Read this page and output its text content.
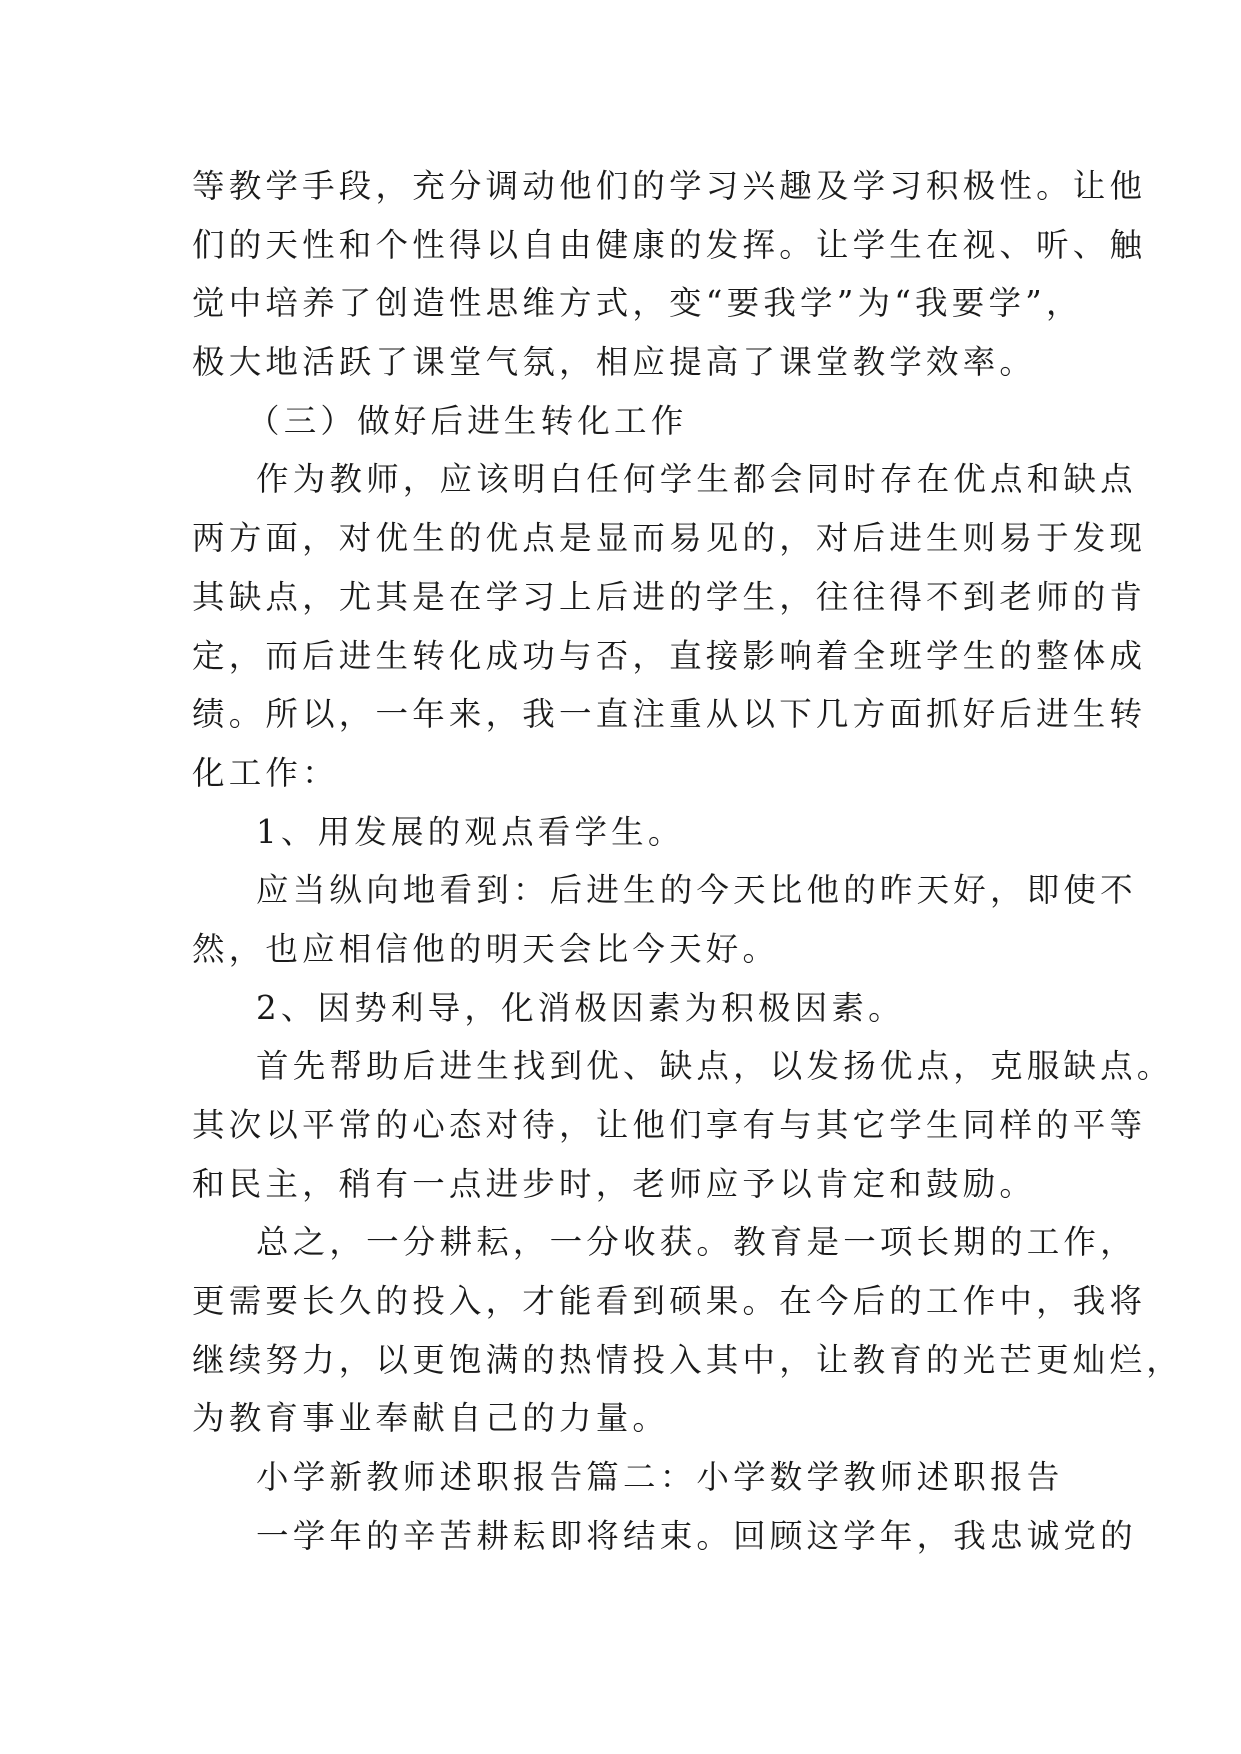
等教学手段，充分调动他们的学习兴趣及学习积极性。让他
们的天性和个性得以自由健康的发挥。让学生在视、听、触
觉中培养了创造性思维方式，变“要我学”为“我要学”，
极大地活跃了课堂气氛，相应提高了课堂教学效率。
（三）做好后进生转化工作
作为教师，应该明白任何学生都会同时存在优点和缺点
两方面，对优生的优点是显而易见的，对后进生则易于发现
其缺点，尤其是在学习上后进的学生，往往得不到老师的肯
定，而后进生转化成功与否，直接影响着全班学生的整体成
绩。所以，一年来，我一直注重从以下几方面抓好后进生转
化工作：
1、用发展的观点看学生。
应当纵向地看到：后进生的今天比他的昨天好，即使不
然，也应相信他的明天会比今天好。
2、因势利导，化消极因素为积极因素。
首先帮助后进生找到优、缺点，以发扬优点，克服缺点。
其次以平常的心态对待，让他们享有与其它学生同样的平等
和民主，稍有一点进步时，老师应予以肯定和鼓励。
总之，一分耕耘，一分收获。教育是一项长期的工作，
更需要长久的投入，才能看到硕果。在今后的工作中，我将
继续努力，以更饱满的热情投入其中，让教育的光芒更灿烂，
为教育事业奉献自己的力量。
小学新教师述职报告篇二：小学数学教师述职报告
一学年的辛苦耕耘即将结束。回顾这学年，我忠诚党的
